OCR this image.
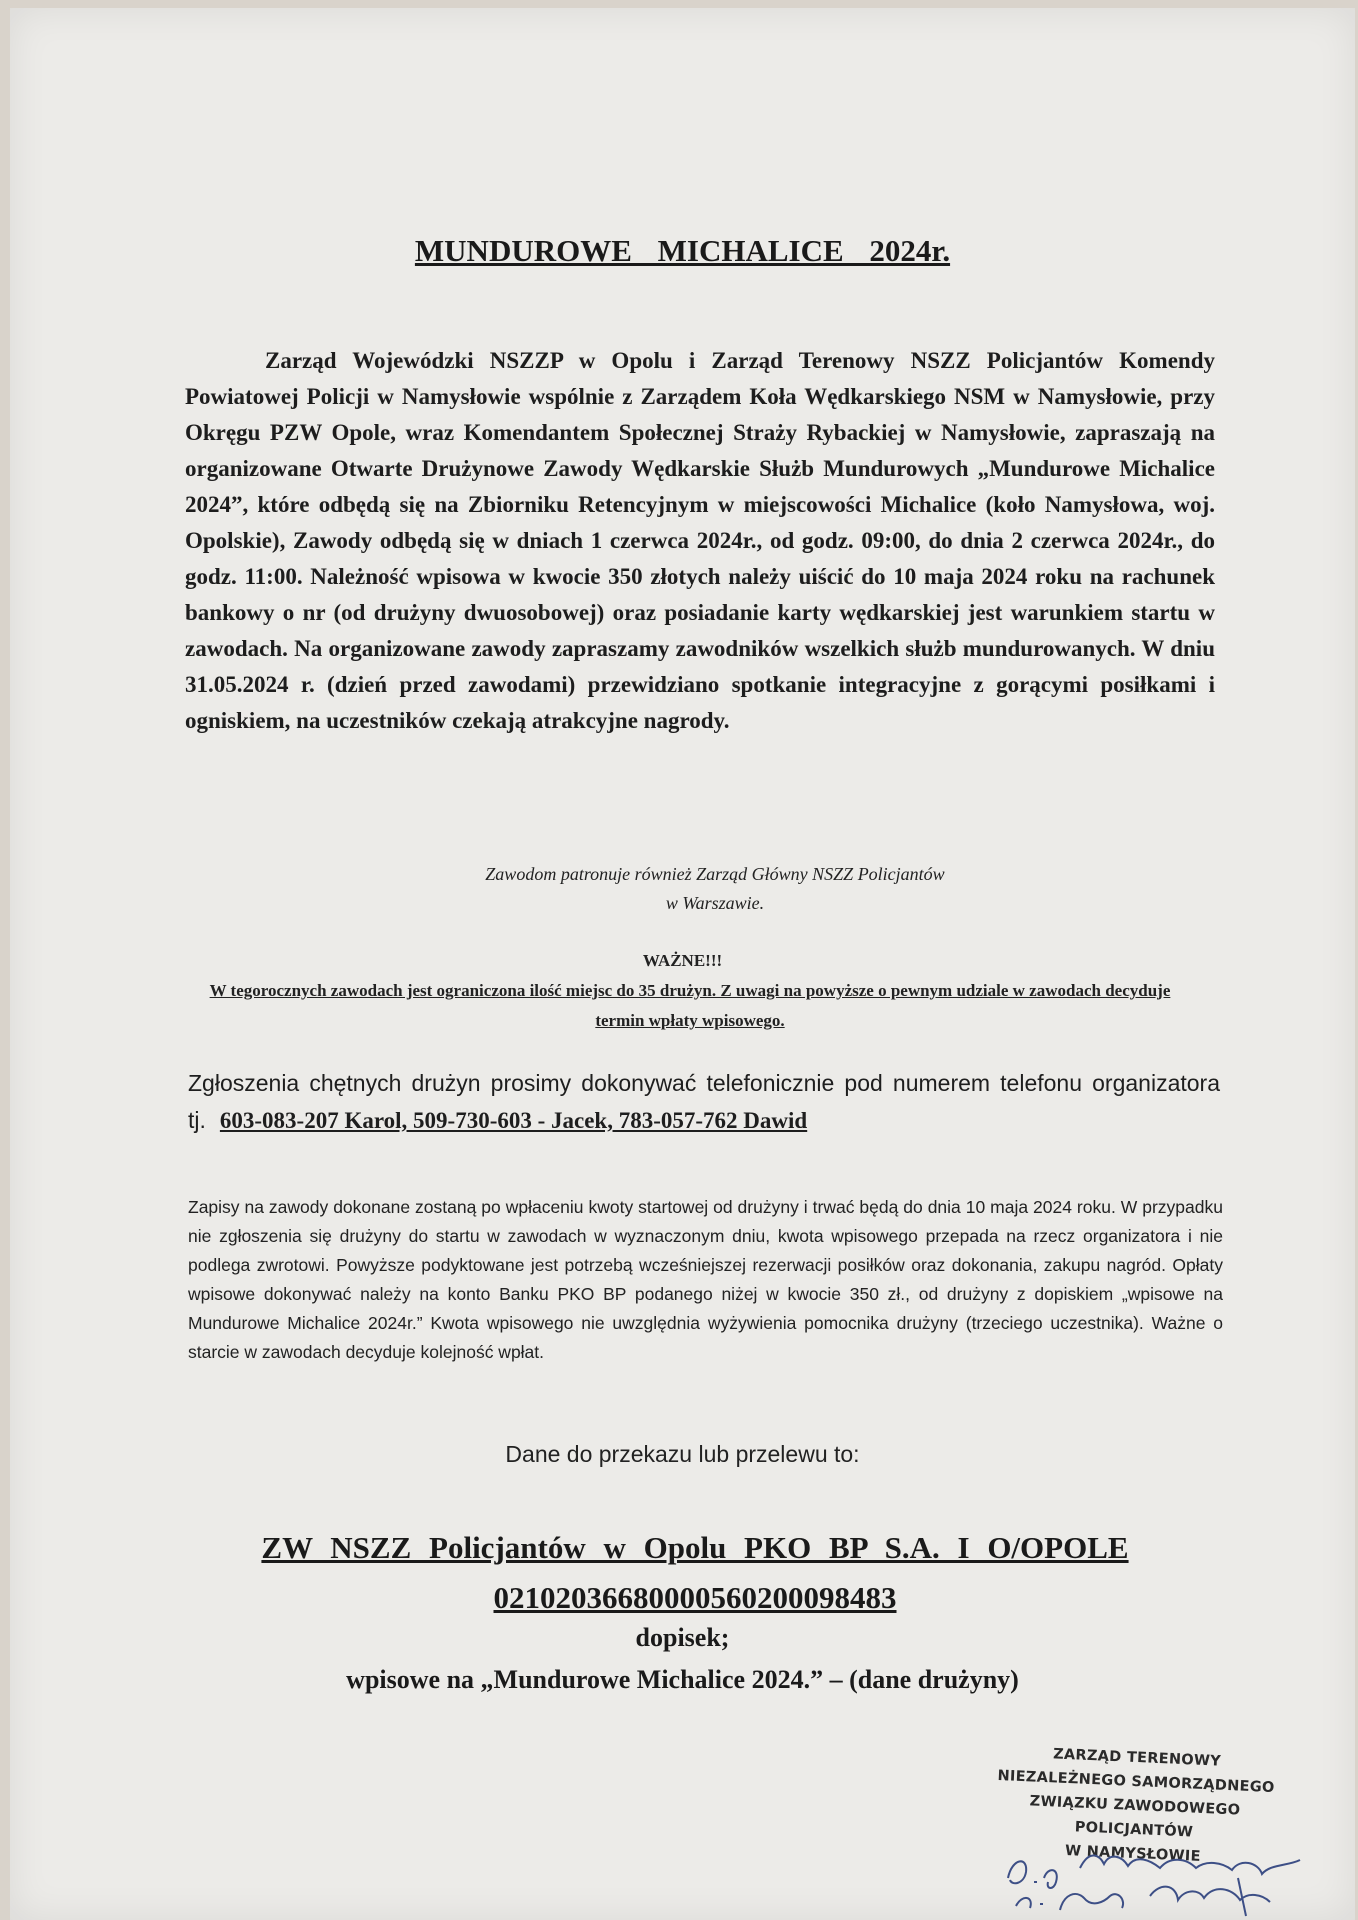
MUNDUROWE MICHALICE 2024r.
Zarząd Wojewódzki NSZZP w Opolu i Zarząd Terenowy NSZZ Policjantów Komendy Powiatowej Policji w Namysłowie wspólnie z Zarządem Koła Wędkarskiego NSM w Namysłowie, przy Okręgu PZW Opole, wraz Komendantem Społecznej Straży Rybackiej w Namysłowie, zapraszają na organizowane Otwarte Drużynowe Zawody Wędkarskie Służb Mundurowych „Mundurowe Michalice 2024”, które odbędą się na Zbiorniku Retencyjnym w miejscowości Michalice (koło Namysłowa, woj. Opolskie), Zawody odbędą się w dniach 1 czerwca 2024r., od godz. 09:00, do dnia 2 czerwca 2024r., do godz. 11:00. Należność wpisowa w kwocie 350 złotych należy uiścić do 10 maja 2024 roku na rachunek bankowy o nr (od drużyny dwuosobowej) oraz posiadanie karty wędkarskiej jest warunkiem startu w zawodach. Na organizowane zawody zapraszamy zawodników wszelkich służb mundurowanych. W dniu 31.05.2024 r. (dzień przed zawodami) przewidziano spotkanie integracyjne z gorącymi posiłkami i ogniskiem, na uczestników czekają atrakcyjne nagrody.
Zawodom patronuje również Zarząd Główny NSZZ Policjantów
w Warszawie.
WAŻNE!!!
W tegorocznych zawodach jest ograniczona ilość miejsc do 35 drużyn. Z uwagi na powyższe o pewnym udziale w zawodach decyduje termin wpłaty wpisowego.
Zgłoszenia chętnych drużyn prosimy dokonywać telefonicznie pod numerem telefonu organizatora tj. 603-083-207 Karol, 509-730-603 - Jacek, 783-057-762 Dawid
Zapisy na zawody dokonane zostaną po wpłaceniu kwoty startowej od drużyny i trwać będą do dnia 10 maja 2024 roku. W przypadku nie zgłoszenia się drużyny do startu w zawodach w wyznaczonym dniu, kwota wpisowego przepada na rzecz organizatora i nie podlega zwrotowi. Powyższe podyktowane jest potrzebą wcześniejszej rezerwacji posiłków oraz dokonania, zakupu nagród. Opłaty wpisowe dokonywać należy na konto Banku PKO BP podanego niżej w kwocie 350 zł., od drużyny z dopiskiem „wpisowe na Mundurowe Michalice 2024r.” Kwota wpisowego nie uwzględnia wyżywienia pomocnika drużyny (trzeciego uczestnika). Ważne o starcie w zawodach decyduje kolejność wpłat.
Dane do przekazu lub przelewu to:
ZW NSZZ Policjantów w Opolu PKO BP S.A. I O/OPOLE
02102036680000560200098483
dopisek;
wpisowe na „Mundurowe Michalice 2024.” – (dane drużyny)
ZARZĄD TERENOWY
NIEZALEŻNEGO SAMORZĄDNEGO
ZWIĄZKU ZAWODOWEGO POLICJANTÓW
W NAMYSŁOWIE
